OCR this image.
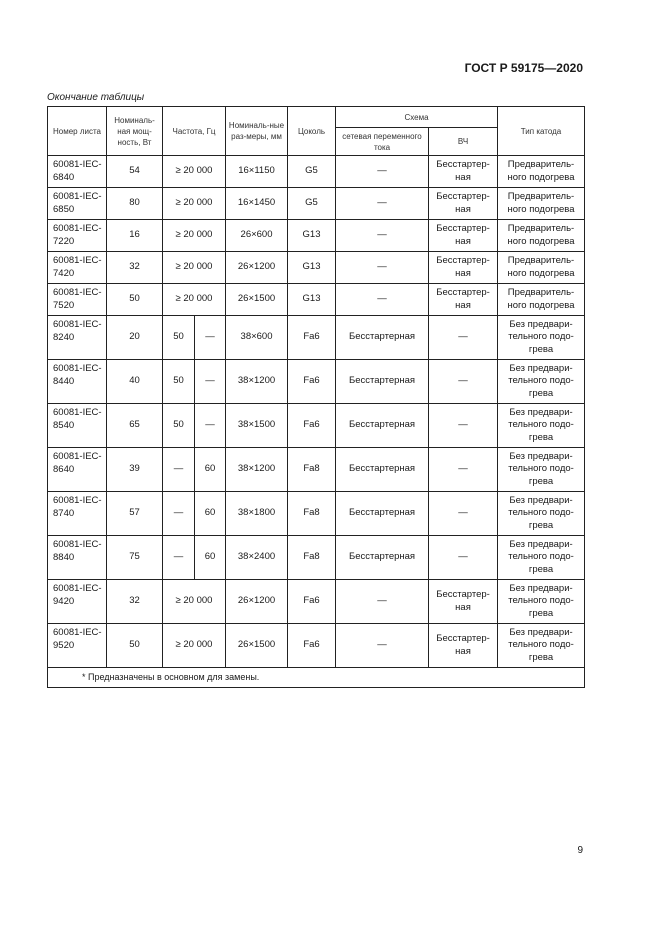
ГОСТ Р 59175—2020
Окончание таблицы
Номер листа	Номиналь-ная мощ-ность, Вт	Частота, Гц		Номиналь-ные раз-меры, мм	Цоколь	Схема		Тип катода
						сетевая переменного тока	ВЧ	
60081-IEC-6840	54	≥ 20 000		16×1150	G5	—	Бесстартер-ная	Предваритель-ного подогрева
60081-IEC-6850	80	≥ 20 000		16×1450	G5	—	Бесстартер-ная	Предваритель-ного подогрева
60081-IEC-7220	16	≥ 20 000		26×600	G13	—	Бесстартер-ная	Предваритель-ного подогрева
60081-IEC-7420	32	≥ 20 000		26×1200	G13	—	Бесстартер-ная	Предваритель-ного подогрева
60081-IEC-7520	50	≥ 20 000		26×1500	G13	—	Бесстартер-ная	Предваритель-ного подогрева
60081-IEC-8240	20	50	—	38×600	Fa6	Бесстартерная	—	Без предвари-тельного подо-грева
60081-IEC-8440	40	50	—	38×1200	Fa6	Бесстартерная	—	Без предвари-тельного подо-грева
60081-IEC-8540	65	50	—	38×1500	Fa6	Бесстартерная	—	Без предвари-тельного подо-грева
60081-IEC-8640	39	—	60	38×1200	Fa8	Бесстартерная	—	Без предвари-тельного подо-грева
60081-IEC-8740	57	—	60	38×1800	Fa8	Бесстартерная	—	Без предвари-тельного подо-грева
60081-IEC-8840	75	—	60	38×2400	Fa8	Бесстартерная	—	Без предвари-тельного подо-грева
60081-IEC-9420	32	≥ 20 000		26×1200	Fa6	—	Бесстартер-ная	Без предвари-тельного подо-грева
60081-IEC-9520	50	≥ 20 000		26×1500	Fa6	—	Бесстартер-ная	Без предвари-тельного подо-грева
* Предназначены в основном для замены.								
9
